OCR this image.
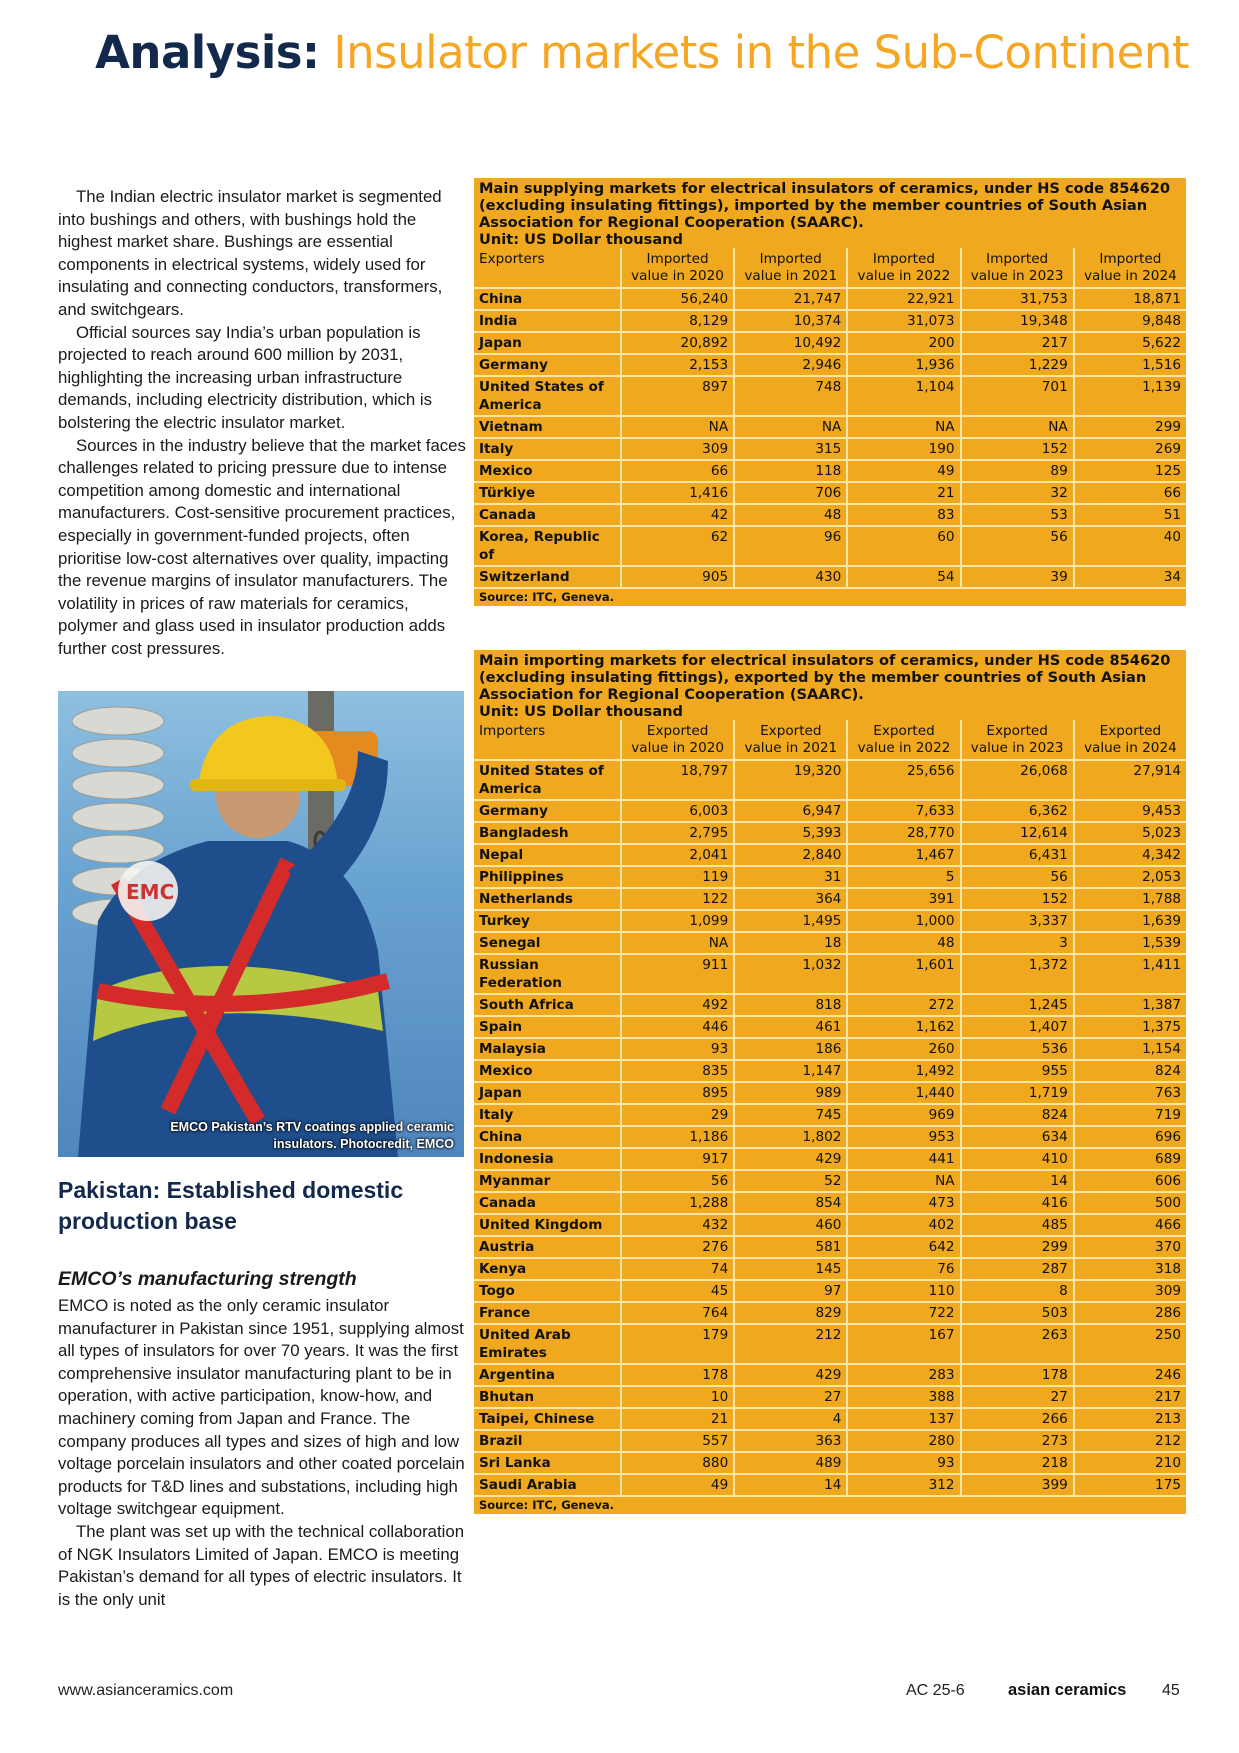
Analysis: Insulator markets in the Sub-Continent

The Indian electric insulator market is segmented into bushings and others, with bushings hold the highest market share. Bushings are essential components in electrical systems, widely used for insulating and connecting conductors, transformers, and switchgears.

Official sources say India’s urban population is projected to reach around 600 million by 2031, highlighting the increasing urban infrastructure demands, including electricity distribution, which is bolstering the electric insulator market.

Sources in the industry believe that the market faces challenges related to pricing pressure due to intense competition among domestic and international manufacturers. Cost-sensitive procurement practices, especially in government-funded projects, often prioritise low-cost alternatives over quality, impacting the revenue margins of insulator manufacturers. The volatility in prices of raw materials for ceramics, polymer and glass used in insulator production adds further cost pressures.

EMC
EMCO Pakistan’s RTV coatings applied ceramic insulators. Photocredit, EMCO
Pakistan: Established domestic production base
EMCO’s manufacturing strength

EMCO is noted as the only ceramic insulator manufacturer in Pakistan since 1951, supplying almost all types of insulators for over 70 years. It was the first comprehensive insulator manufacturing plant to be in operation, with active participation, know-how, and machinery coming from Japan and France. The company produces all types and sizes of high and low voltage porcelain insulators and other coated porcelain products for T&D lines and substations, including high voltage switchgear equipment.

The plant was set up with the technical collaboration of NGK Insulators Limited of Japan. EMCO is meeting Pakistan’s demand for all types of electric insulators. It is the only unit

Main supplying markets for electrical insulators of ceramics, under HS code 854620 (excluding insulating fittings), imported by the member countries of South Asian Association for Regional Cooperation (SAARC).
Unit: US Dollar thousand
Exporters	Imported value in 2020	Imported value in 2021	Imported value in 2022	Imported value in 2023	Imported value in 2024
China	56,240	21,747	22,921	31,753	18,871
India	8,129	10,374	31,073	19,348	9,848
Japan	20,892	10,492	200	217	5,622
Germany	2,153	2,946	1,936	1,229	1,516
United States of America	897	748	1,104	701	1,139
Vietnam	NA	NA	NA	NA	299
Italy	309	315	190	152	269
Mexico	66	118	49	89	125
Türkiye	1,416	706	21	32	66
Canada	42	48	83	53	51
Korea, Republic of	62	96	60	56	40
Switzerland	905	430	54	39	34
Source: ITC, Geneva.
Main importing markets for electrical insulators of ceramics, under HS code 854620 (excluding insulating fittings), exported by the member countries of South Asian Association for Regional Cooperation (SAARC).
Unit: US Dollar thousand
Importers	Exported value in 2020	Exported value in 2021	Exported value in 2022	Exported value in 2023	Exported value in 2024
United States of America	18,797	19,320	25,656	26,068	27,914
Germany	6,003	6,947	7,633	6,362	9,453
Bangladesh	2,795	5,393	28,770	12,614	5,023
Nepal	2,041	2,840	1,467	6,431	4,342
Philippines	119	31	5	56	2,053
Netherlands	122	364	391	152	1,788
Turkey	1,099	1,495	1,000	3,337	1,639
Senegal	NA	18	48	3	1,539
Russian Federation	911	1,032	1,601	1,372	1,411
South Africa	492	818	272	1,245	1,387
Spain	446	461	1,162	1,407	1,375
Malaysia	93	186	260	536	1,154
Mexico	835	1,147	1,492	955	824
Japan	895	989	1,440	1,719	763
Italy	29	745	969	824	719
China	1,186	1,802	953	634	696
Indonesia	917	429	441	410	689
Myanmar	56	52	NA	14	606
Canada	1,288	854	473	416	500
United Kingdom	432	460	402	485	466
Austria	276	581	642	299	370
Kenya	74	145	76	287	318
Togo	45	97	110	8	309
France	764	829	722	503	286
United Arab Emirates	179	212	167	263	250
Argentina	178	429	283	178	246
Bhutan	10	27	388	27	217
Taipei, Chinese	21	4	137	266	213
Brazil	557	363	280	273	212
Sri Lanka	880	489	93	218	210
Saudi Arabia	49	14	312	399	175
Source: ITC, Geneva.
www.asianceramics.com	AC 25-6	asian ceramics 45
